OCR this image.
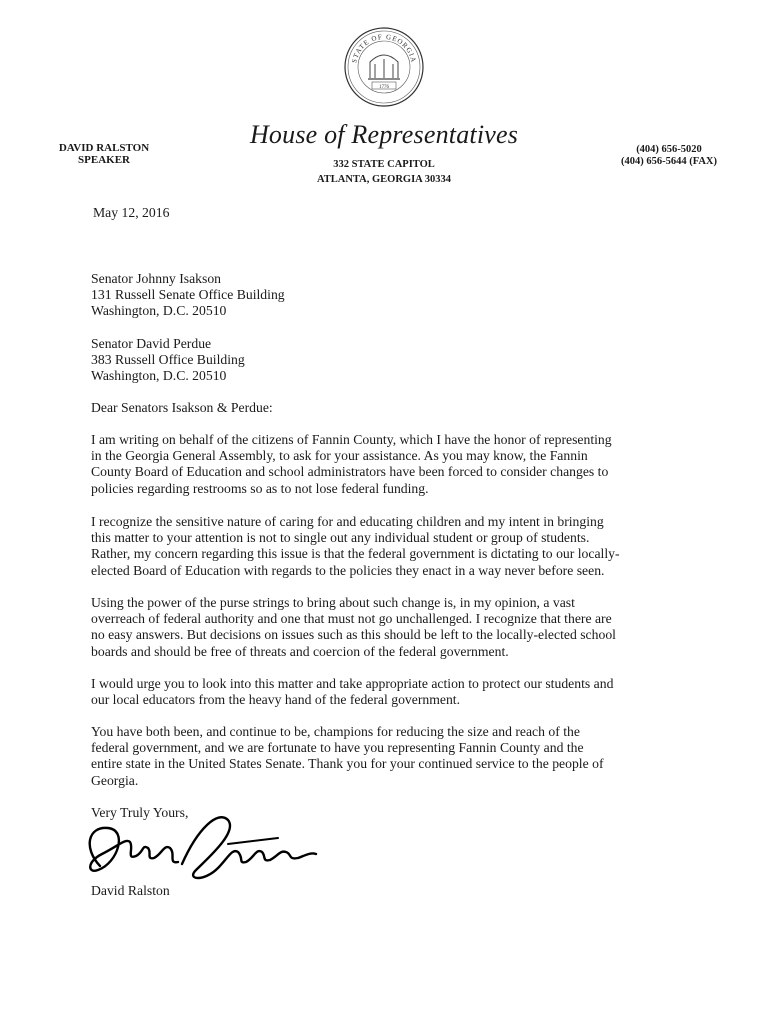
STATE OF GEORGIA
1776
DAVID RALSTON
SPEAKER
House of Representatives
332 STATE CAPITOL
ATLANTA, GEORGIA 30334
(404) 656-5020
(404) 656-5644 (FAX)
May 12, 2016
Senator Johnny Isakson
131 Russell Senate Office Building
Washington, D.C. 20510
Senator David Perdue
383 Russell Office Building
Washington, D.C. 20510
Dear Senators Isakson & Perdue:
I am writing on behalf of the citizens of Fannin County, which I have the honor of representing
in the Georgia General Assembly, to ask for your assistance. As you may know, the Fannin
County Board of Education and school administrators have been forced to consider changes to
policies regarding restrooms so as to not lose federal funding.
I recognize the sensitive nature of caring for and educating children and my intent in bringing
this matter to your attention is not to single out any individual student or group of students.
Rather, my concern regarding this issue is that the federal government is dictating to our locally-
elected Board of Education with regards to the policies they enact in a way never before seen.
Using the power of the purse strings to bring about such change is, in my opinion, a vast
overreach of federal authority and one that must not go unchallenged. I recognize that there are
no easy answers. But decisions on issues such as this should be left to the locally-elected school
boards and should be free of threats and coercion of the federal government.
I would urge you to look into this matter and take appropriate action to protect our students and
our local educators from the heavy hand of the federal government.
You have both been, and continue to be, champions for reducing the size and reach of the
federal government, and we are fortunate to have you representing Fannin County and the
entire state in the United States Senate. Thank you for your continued service to the people of
Georgia.
Very Truly Yours,
David Ralston
